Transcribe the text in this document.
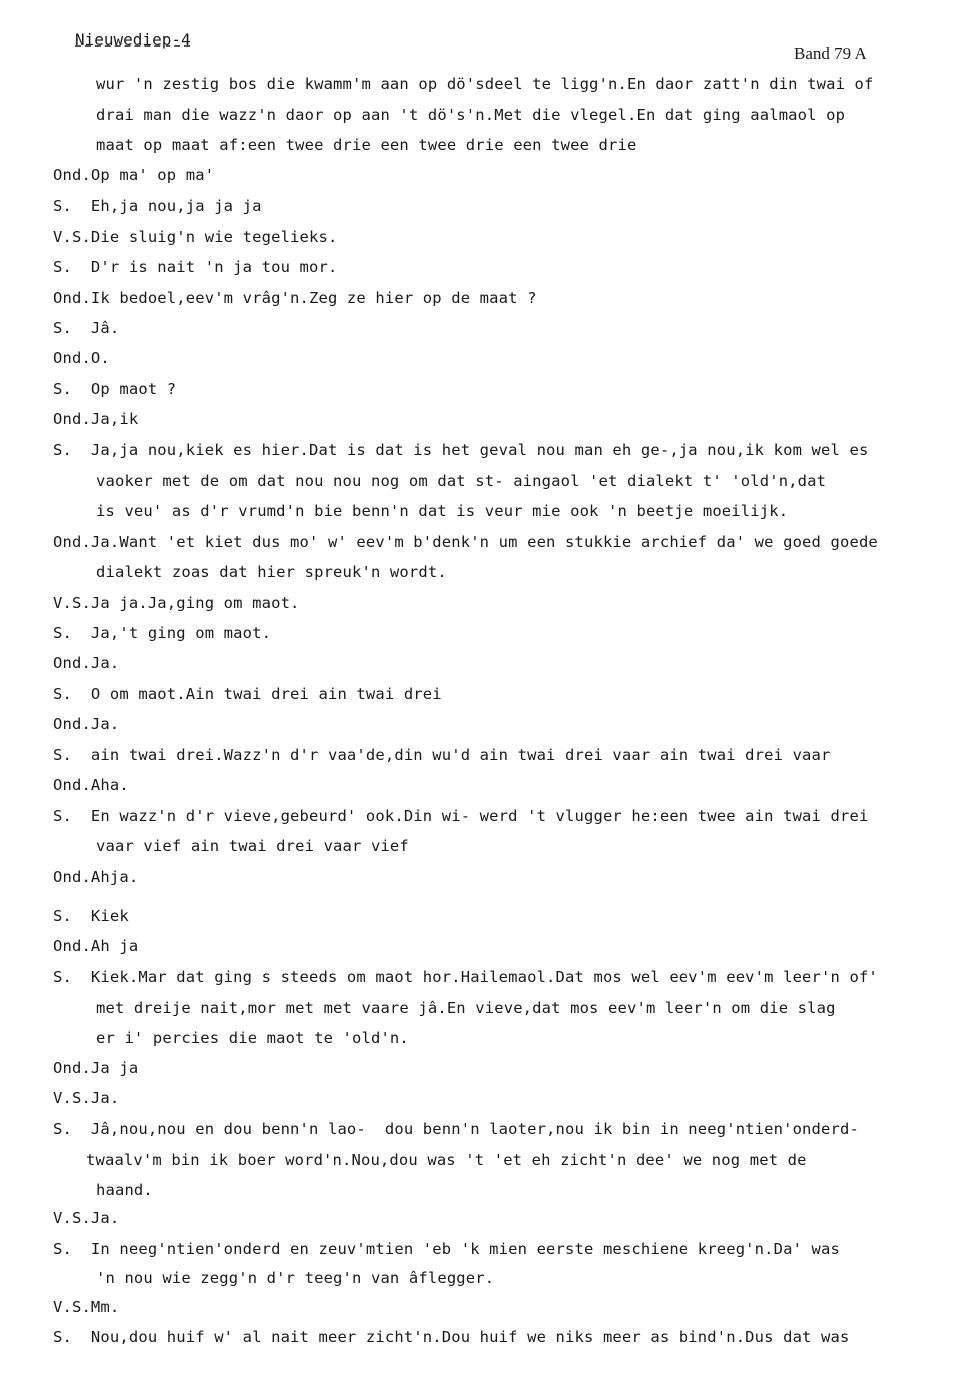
Nieuwediep-4
Band 79 A
wur 'n zestig bos die kwamm'm aan op dö'sdeel te ligg'n.En daor zatt'n din twai of
drai man die wazz'n daor op aan 't dö's'n.Met die vlegel.En dat ging aalmaol op
maat op maat af:een twee drie een twee drie een twee drie
Ond.Op ma' op ma'
S.  Eh,ja nou,ja ja ja
V.S.Die sluig'n wie tegelieks.
S.  D'r is nait 'n ja tou mor.
Ond.Ik bedoel,eev'm vrâg'n.Zeg ze hier op de maat ?
S.  Jâ.
Ond.O.
S.  Op maot ?
Ond.Ja,ik
S.  Ja,ja nou,kiek es hier.Dat is dat is het geval nou man eh ge-,ja nou,ik kom wel es
vaoker met de om dat nou nou nog om dat st- aingaol 'et dialekt t' 'old'n,dat
is veu' as d'r vrumd'n bie benn'n dat is veur mie ook 'n beetje moeilijk.
Ond.Ja.Want 'et kiet dus mo' w' eev'm b'denk'n um een stukkie archief da' we goed goede
dialekt zoas dat hier spreuk'n wordt.
V.S.Ja ja.Ja,ging om maot.
S.  Ja,'t ging om maot.
Ond.Ja.
S.  O om maot.Ain twai drei ain twai drei
Ond.Ja.
S.  ain twai drei.Wazz'n d'r vaa'de,din wu'd ain twai drei vaar ain twai drei vaar
Ond.Aha.
S.  En wazz'n d'r vieve,gebeurd' ook.Din wi- werd 't vlugger he:een twee ain twai drei
vaar vief ain twai drei vaar vief
Ond.Ahja.
S.  Kiek
Ond.Ah ja
S.  Kiek.Mar dat ging s steeds om maot hor.Hailemaol.Dat mos wel eev'm eev'm leer'n of'
met dreije nait,mor met met vaare jâ.En vieve,dat mos eev'm leer'n om die slag
er i' percies die maot te 'old'n.
Ond.Ja ja
V.S.Ja.
S.  Jâ,nou,nou en dou benn'n lao-  dou benn'n laoter,nou ik bin in neeg'ntien'onderd-
twaalv'm bin ik boer word'n.Nou,dou was 't 'et eh zicht'n dee' we nog met de
haand.
V.S.Ja.
S.  In neeg'ntien'onderd en zeuv'mtien 'eb 'k mien eerste meschiene kreeg'n.Da' was
'n nou wie zegg'n d'r teeg'n van âflegger.
V.S.Mm.
S.  Nou,dou huif w' al nait meer zicht'n.Dou huif we niks meer as bind'n.Dus dat was
